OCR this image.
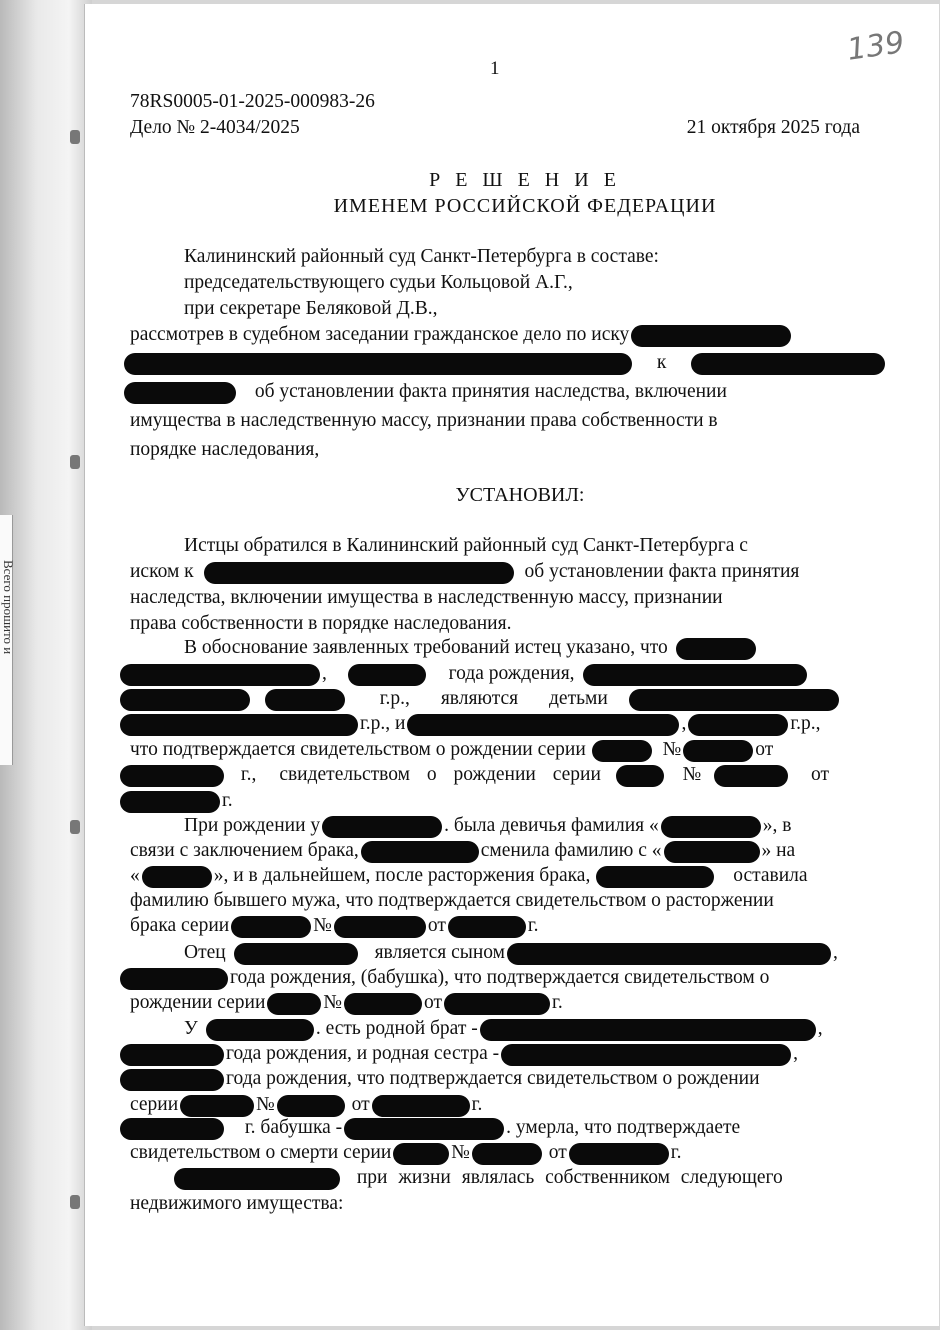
Всего прошито и
1
139
78RS0005-01-2025-000983-26
Дело № 2-4034/2025	21 октября 2025 года
Р Е Ш Е Н И Е
ИМЕНЕМ РОССИЙСКОЙ ФЕДЕРАЦИИ
Калининский районный суд Санкт-Петербурга в составе:
председательствующего судьи Кольцовой А.Г.,
при секретаре Беляковой Д.В.,
рассмотрев в судебном заседании гражданское дело по иску
к
об установлении факта принятия наследства, включении
имущества в наследственную массу, признании права собственности в
порядке наследования,
УСТАНОВИЛ:
Истцы обратился в Калининский районный суд Санкт-Петербурга с
иском к	об установлении факта принятия
наследства, включении имущества в наследственную массу, признании
права собственности в порядке наследования.
В обоснование заявленных требований истец указано, что
,	года рождения,
г.р., являются детьми
г.р., и	,	г.р.,
что подтверждается свидетельством о рождении серии	№	от
г., свидетельством о рождении серии	№	от
г.
При рождении у	. была девичья фамилия «	», в
связи с заключением брака,	сменила фамилию с «	» на
«	», и в дальнейшем, после расторжения брака,	оставила
фамилию бывшего мужа, что подтверждается свидетельством о расторжении
брака серии	№	от	г.
Отец	является сыном	,
года рождения, (бабушка), что подтверждается свидетельством о
рождении серии	№	от	г.
У	. есть родной брат -	,
года рождения, и родная сестра -	,
года рождения, что подтверждается свидетельством о рождении
серии	№	от	г.
г. бабушка -	. умерла, что подтверждаете
свидетельством о смерти серии	№	от	г.
при жизни являлась собственником следующего
недвижимого имущества:
